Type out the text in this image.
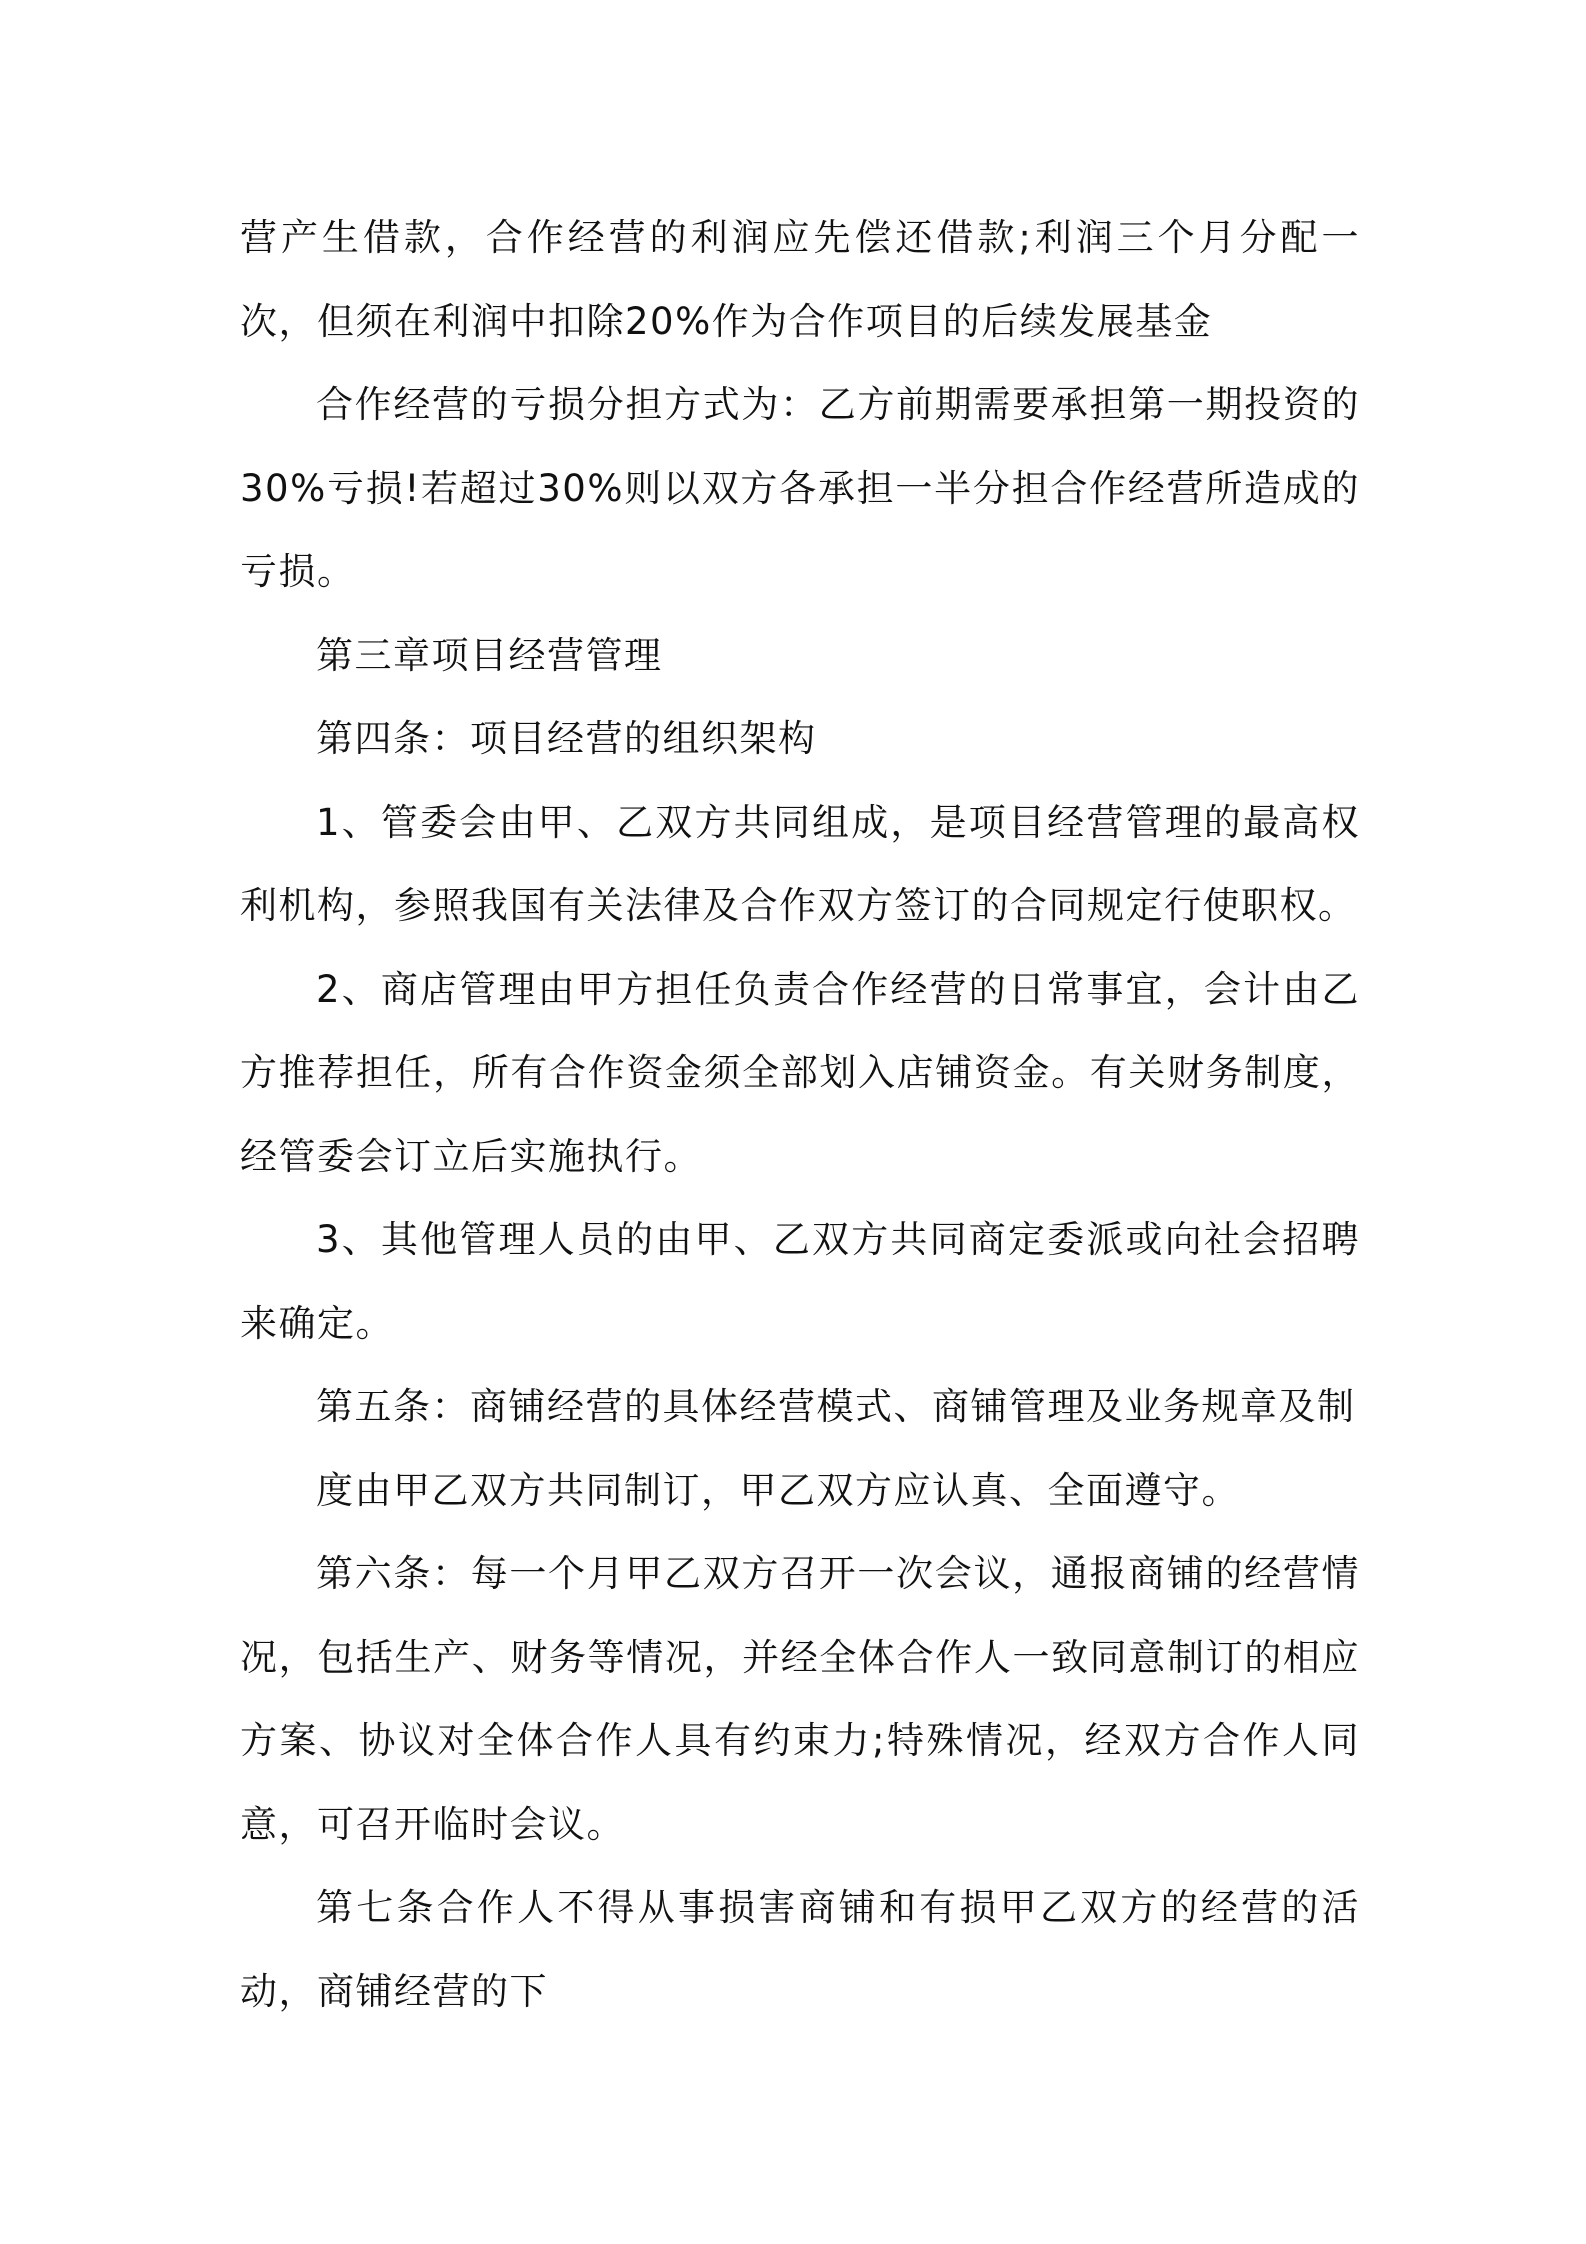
营产生借款，合作经营的利润应先偿还借款;利润三个月分配一次，但须在利润中扣除20%作为合作项目的后续发展基金

合作经营的亏损分担方式为：乙方前期需要承担第一期投资的30%亏损!若超过30%则以双方各承担一半分担合作经营所造成的亏损。

第三章项目经营管理

第四条：项目经营的组织架构

1、管委会由甲、乙双方共同组成，是项目经营管理的最高权利机构，参照我国有关法律及合作双方签订的合同规定行使职权。

2、商店管理由甲方担任负责合作经营的日常事宜，会计由乙方推荐担任，所有合作资金须全部划入店铺资金。有关财务制度，经管委会订立后实施执行。

3、其他管理人员的由甲、乙双方共同商定委派或向社会招聘来确定。

第五条：商铺经营的具体经营模式、商铺管理及业务规章及制

度由甲乙双方共同制订，甲乙双方应认真、全面遵守。

第六条：每一个月甲乙双方召开一次会议，通报商铺的经营情况，包括生产、财务等情况，并经全体合作人一致同意制订的相应方案、协议对全体合作人具有约束力;特殊情况，经双方合作人同意，可召开临时会议。

第七条合作人不得从事损害商铺和有损甲乙双方的经营的活动，商铺经营的下
